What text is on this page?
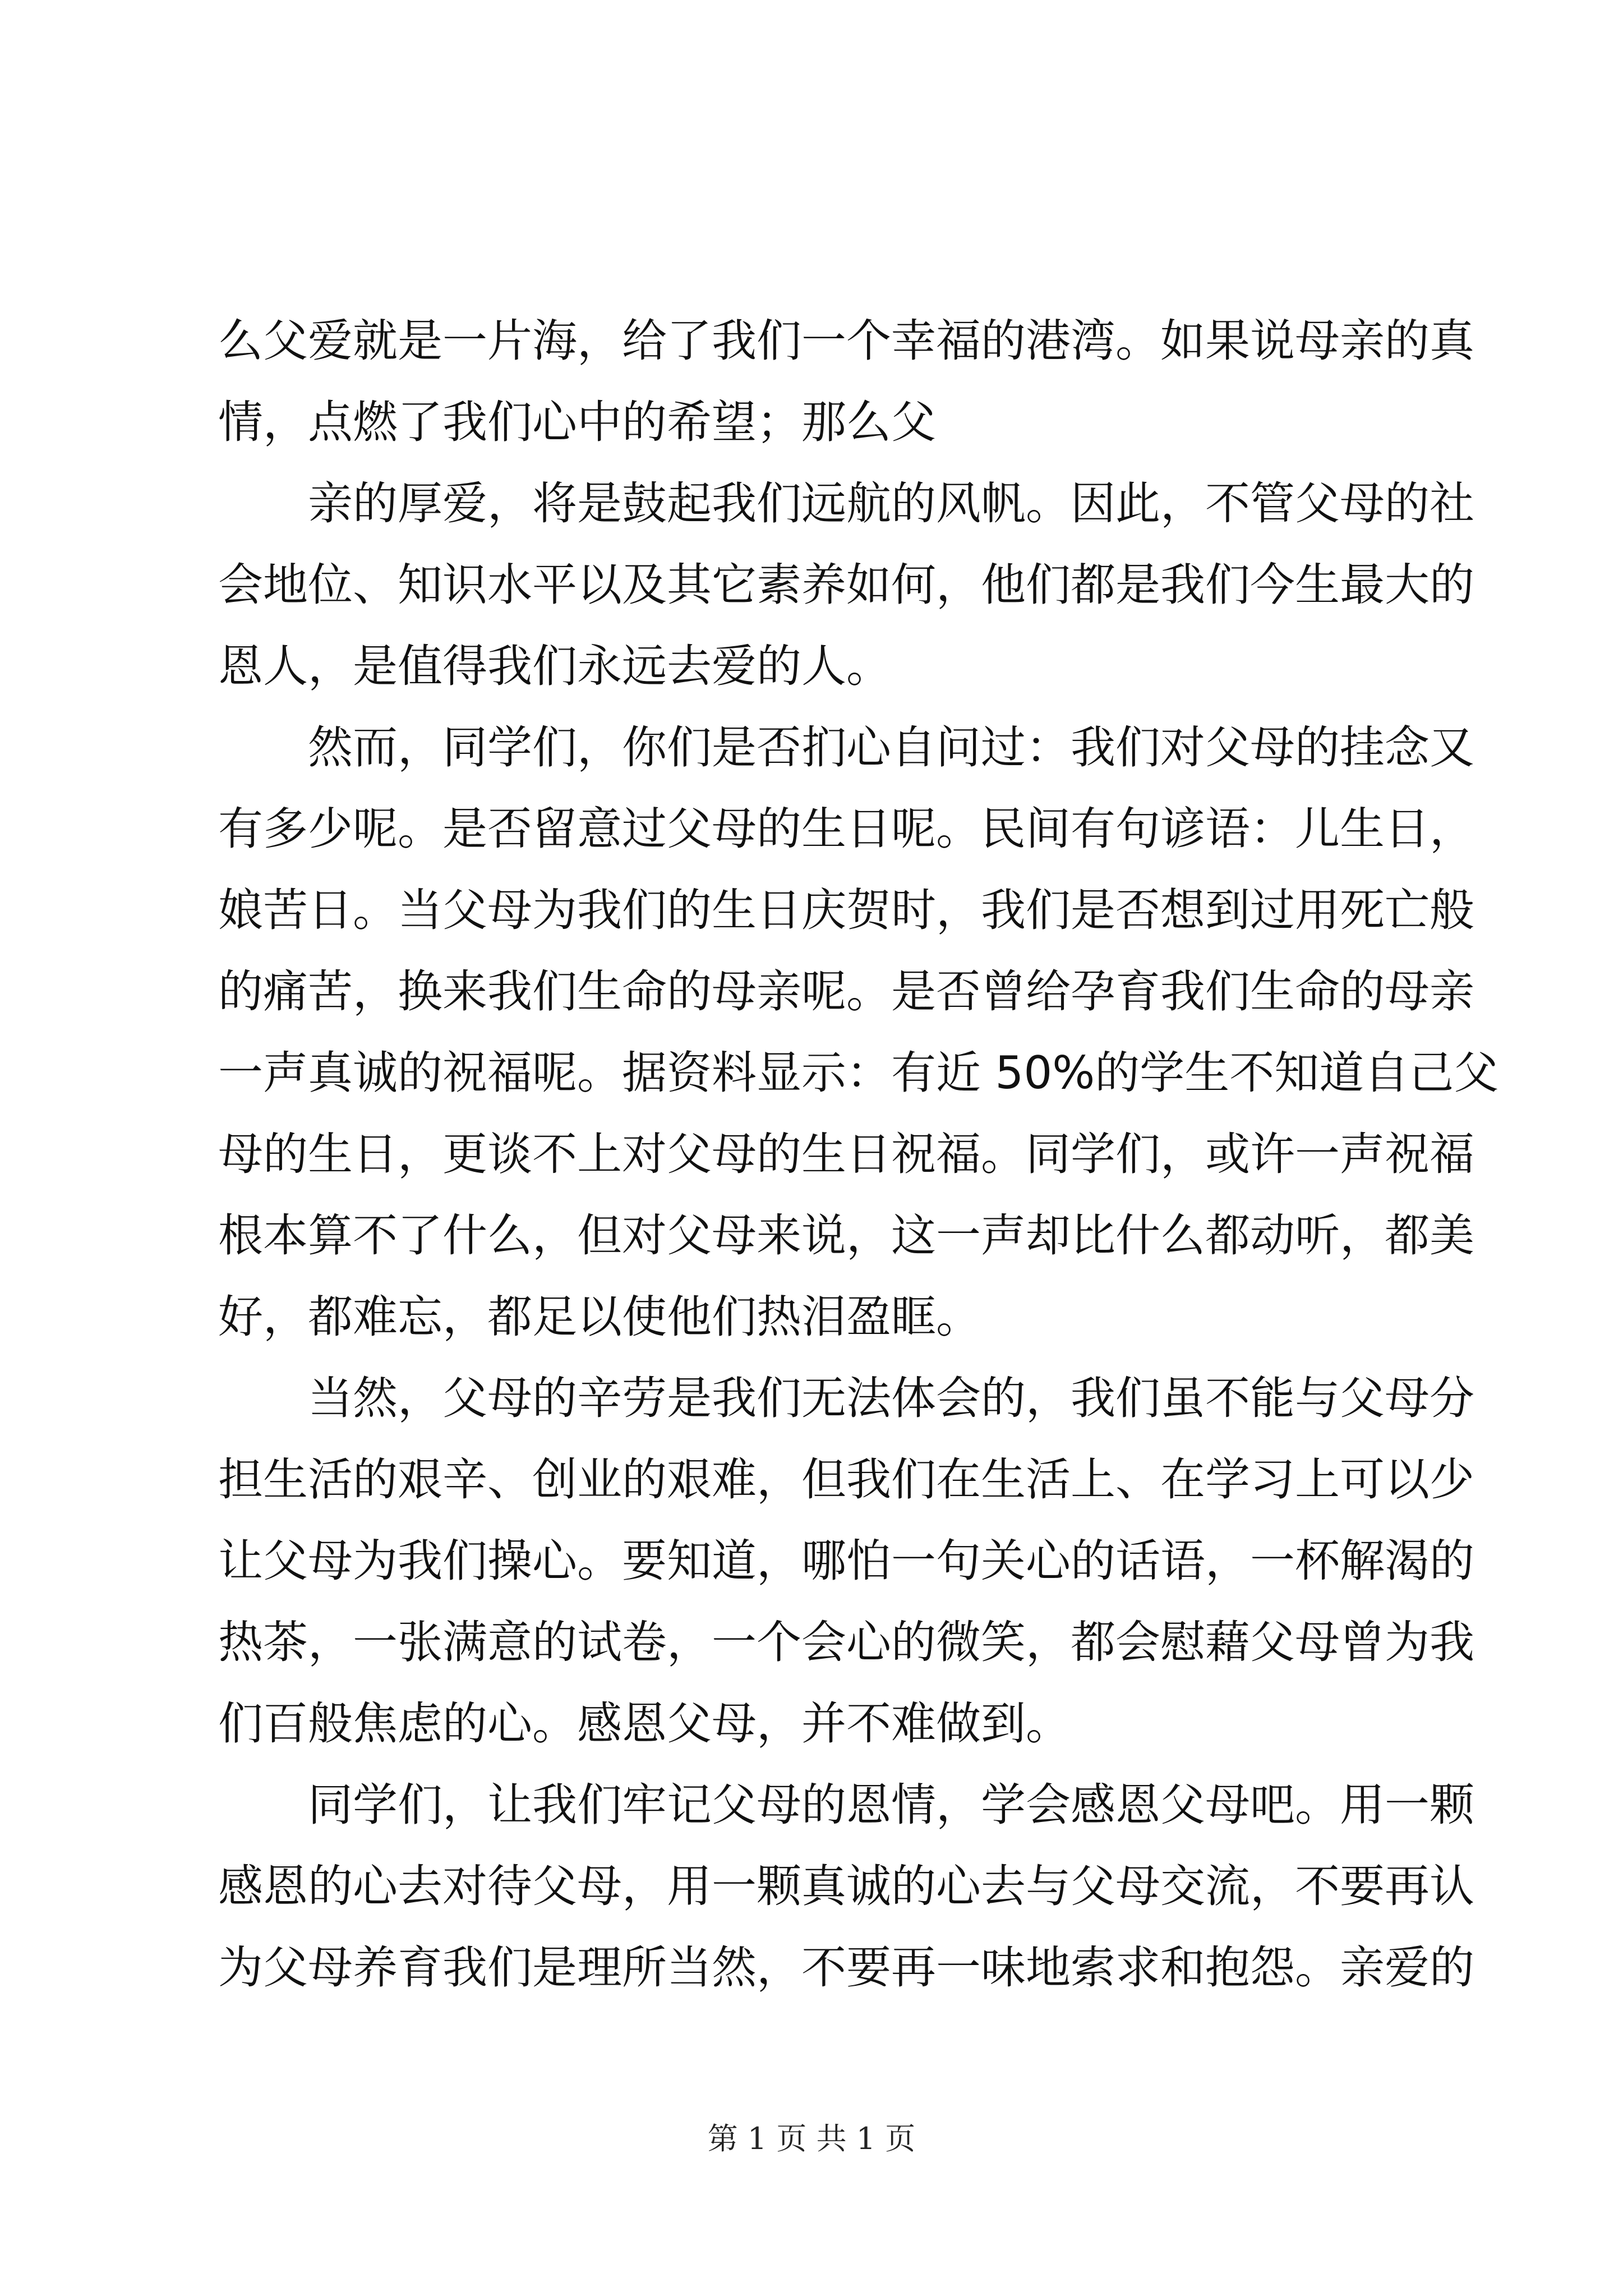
么父爱就是一片海，给了我们一个幸福的港湾。如果说母亲的真
情，点燃了我们心中的希望；那么父
亲的厚爱，将是鼓起我们远航的风帆。因此，不管父母的社
会地位、知识水平以及其它素养如何，他们都是我们今生最大的
恩人，是值得我们永远去爱的人。
然而，同学们，你们是否扪心自问过：我们对父母的挂念又
有多少呢。是否留意过父母的生日呢。民间有句谚语：儿生日，
娘苦日。当父母为我们的生日庆贺时，我们是否想到过用死亡般
的痛苦，换来我们生命的母亲呢。是否曾给孕育我们生命的母亲
一声真诚的祝福呢。据资料显示：有近 50%的学生不知道自己父
母的生日，更谈不上对父母的生日祝福。同学们，或许一声祝福
根本算不了什么，但对父母来说，这一声却比什么都动听，都美
好，都难忘，都足以使他们热泪盈眶。
当然，父母的辛劳是我们无法体会的，我们虽不能与父母分
担生活的艰辛、创业的艰难，但我们在生活上、在学习上可以少
让父母为我们操心。要知道，哪怕一句关心的话语，一杯解渴的
热茶，一张满意的试卷，一个会心的微笑，都会慰藉父母曾为我
们百般焦虑的心。感恩父母，并不难做到。
同学们，让我们牢记父母的恩情，学会感恩父母吧。用一颗
感恩的心去对待父母，用一颗真诚的心去与父母交流，不要再认
为父母养育我们是理所当然，不要再一味地索求和抱怨。亲爱的
第 1 页 共 1 页
